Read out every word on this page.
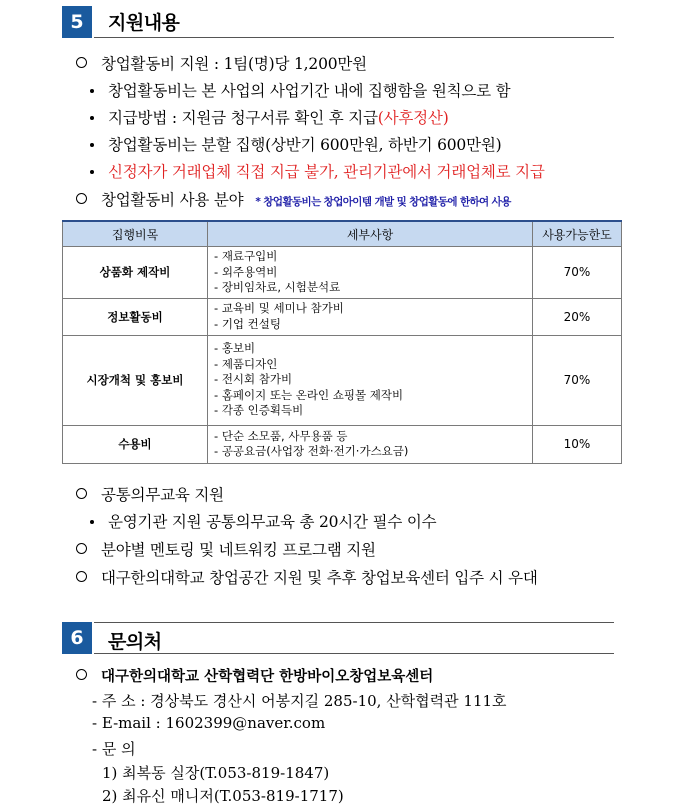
5	지원내용
창업활동비 지원 : 1팀(명)당 1,200만원
창업활동비는 본 사업의 사업기간 내에 집행함을 원칙으로 함
지급방법 : 지원금 청구서류 확인 후 지급(사후정산)
창업활동비는 분할 집행(상반기 600만원, 하반기 600만원)
신정자가 거래업체 직접 지급 불가, 관리기관에서 거래업체로 지급
창업활동비 사용 분야 * 창업활동비는 창업아이템 개발 및 창업활동에 한하여 사용
집행비목	세부사항	사용가능한도
상품화 제작비	- 재료구입비
- 외주용역비
- 장비임차료, 시험분석료	70%
정보활동비	- 교육비 및 세미나 참가비
- 기업 컨설팅	20%
시장개척 및 홍보비	- 홍보비
- 제품디자인
- 전시회 참가비
- 홈페이지 또는 온라인 쇼핑몰 제작비
- 각종 인증획득비	70%
수용비	- 단순 소모품, 사무용품 등
- 공공요금(사업장 전화·전기·가스요금)	10%
공통의무교육 지원
운영기관 지원 공통의무교육 총 20시간 필수 이수
분야별 멘토링 및 네트워킹 프로그램 지원
대구한의대학교 창업공간 지원 및 추후 창업보육센터 입주 시 우대
6	문의처
대구한의대학교 산학협력단 한방바이오창업보육센터
- 주 소 : 경상북도 경산시 어봉지길 285-10, 산학협력관 111호
- E-mail : 1602399@naver.com
- 문 의
1) 최복동 실장(T.053-819-1847)
2) 최유신 매니저(T.053-819-1717)
